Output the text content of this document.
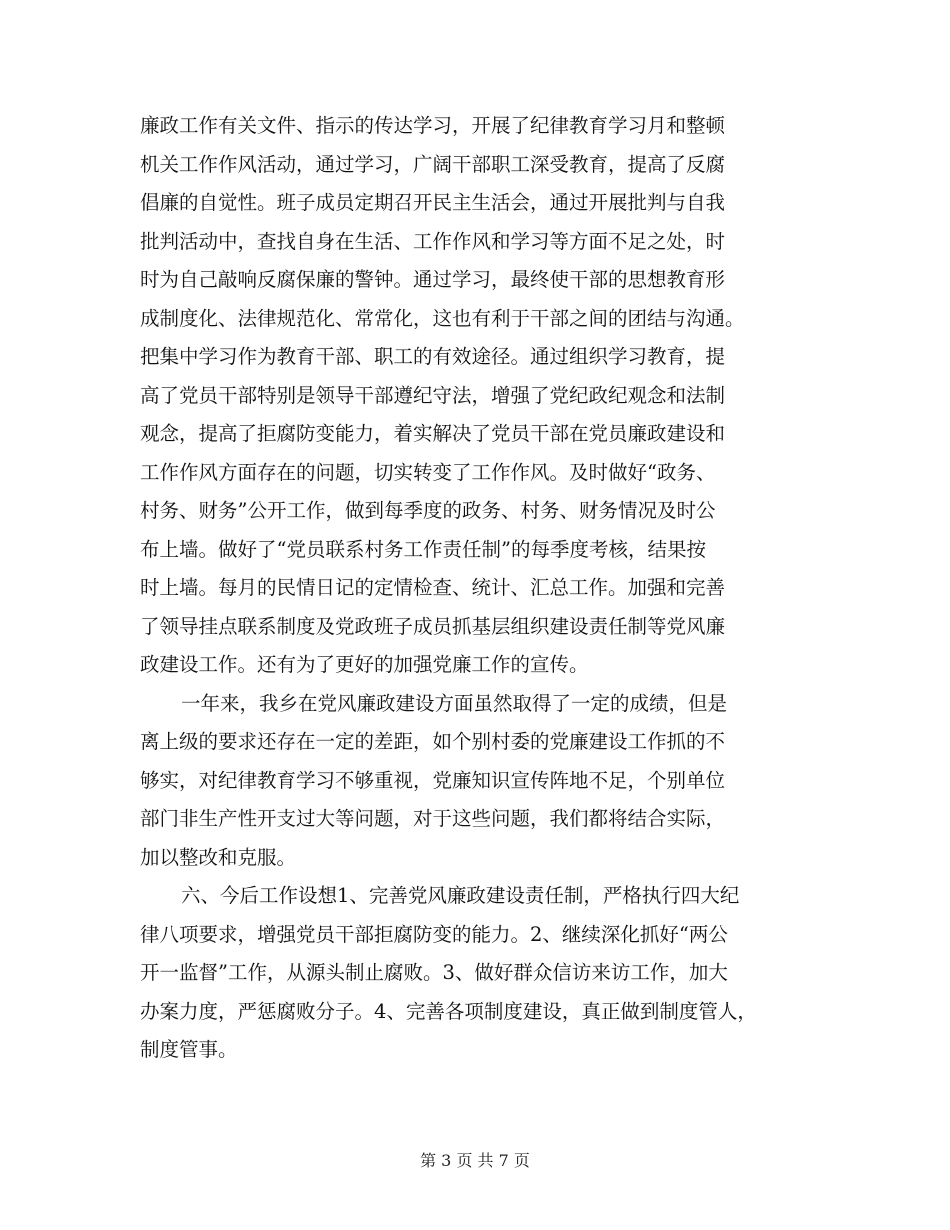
廉政工作有关文件、指示的传达学习，开展了纪律教育学习月和整顿
机关工作作风活动，通过学习，广阔干部职工深受教育，提高了反腐
倡廉的自觉性。班子成员定期召开民主生活会，通过开展批判与自我
批判活动中，查找自身在生活、工作作风和学习等方面不足之处，时
时为自己敲响反腐保廉的警钟。通过学习，最终使干部的思想教育形
成制度化、法律规范化、常常化，这也有利于干部之间的团结与沟通。
把集中学习作为教育干部、职工的有效途径。通过组织学习教育，提
高了党员干部特别是领导干部遵纪守法，增强了党纪政纪观念和法制
观念，提高了拒腐防变能力，着实解决了党员干部在党员廉政建设和
工作作风方面存在的问题，切实转变了工作作风。及时做好“政务、
村务、财务”公开工作，做到每季度的政务、村务、财务情况及时公
布上墙。做好了“党员联系村务工作责任制”的每季度考核，结果按
时上墙。每月的民情日记的定情检查、统计、汇总工作。加强和完善
了领导挂点联系制度及党政班子成员抓基层组织建设责任制等党风廉
政建设工作。还有为了更好的加强党廉工作的宣传。
一年来，我乡在党风廉政建设方面虽然取得了一定的成绩，但是
离上级的要求还存在一定的差距，如个别村委的党廉建设工作抓的不
够实，对纪律教育学习不够重视，党廉知识宣传阵地不足，个别单位
部门非生产性开支过大等问题，对于这些问题，我们都将结合实际，
加以整改和克服。
六、今后工作设想1、完善党风廉政建设责任制，严格执行四大纪
律八项要求，增强党员干部拒腐防变的能力。2、继续深化抓好“两公
开一监督”工作，从源头制止腐败。3、做好群众信访来访工作，加大
办案力度，严惩腐败分子。4、完善各项制度建设，真正做到制度管人，
制度管事。
第 3 页 共 7 页
